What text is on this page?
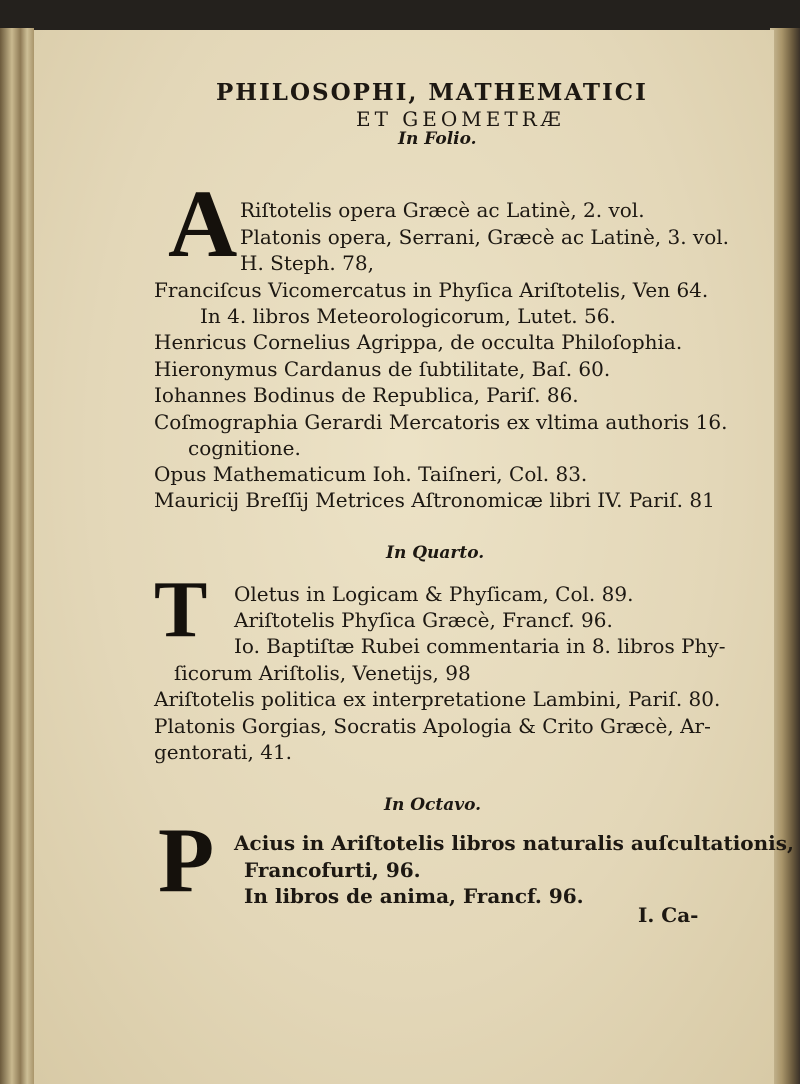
PHILOSOPHI, MATHEMATICI
ET GEOMETRÆ
In Folio.
A Riſtotelis opera Græcè ac Latinè, 2. vol.
Platonis opera, Serrani, Græcè ac Latinè, 3. vol.
H. Steph. 78,
Franciſcus Vicomercatus in Phyſica Ariſtotelis, Ven 64.
In 4. libros Meteorologicorum, Lutet. 56.
Henricus Cornelius Agrippa, de occulta Philoſophia.
Hieronymus Cardanus de ſubtilitate, Baſ. 60.
Iohannes Bodinus de Republica, Pariſ. 86.
Coſmographia Gerardi Mercatoris ex vltima authoris 16.
cognitione.
Opus Mathematicum Ioh. Taiſneri, Col. 83.
Mauricij Breſſij Metrices Aſtronomicæ libri IV. Pariſ. 81
In Quarto.
T Oletus in Logicam & Phyſicam, Col. 89.
Ariſtotelis Phyſica Græcè, Francf. 96.
Io. Baptiſtæ Rubei commentaria in 8. libros Phy-
ſicorum Ariſtolis, Venetijs, 98
Ariſtotelis politica ex interpretatione Lambini, Pariſ. 80.
Platonis Gorgias, Socratis Apologia & Crito Græcè, Ar-
gentorati, 41.
In Octavo.
P Acius in Ariſtotelis libros naturalis auſcultationis,
Francofurti, 96.
In libros de anima, Francf. 96.
I. Ca-
